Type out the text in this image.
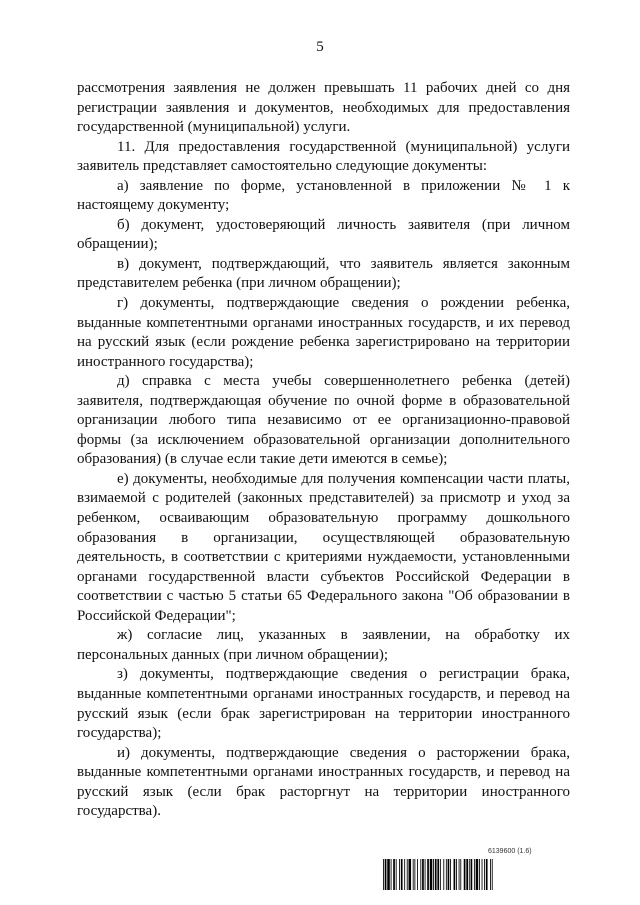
5

рассмотрения заявления не должен превышать 11 рабочих дней со дня регистрации заявления и документов, необходимых для предоставления государственной (муниципальной) услуги.

11. Для предоставления государственной (муниципальной) услуги заявитель представляет самостоятельно следующие документы:

а) заявление по форме, установленной в приложении № 1 к настоящему документу;

б) документ, удостоверяющий личность заявителя (при личном обращении);

в) документ, подтверждающий, что заявитель является законным представителем ребенка (при личном обращении);

г) документы, подтверждающие сведения о рождении ребенка, выданные компетентными органами иностранных государств, и их перевод на русский язык (если рождение ребенка зарегистрировано на территории иностранного государства);

д) справка с места учебы совершеннолетнего ребенка (детей) заявителя, подтверждающая обучение по очной форме в образовательной организации любого типа независимо от ее организационно-правовой формы (за исключением образовательной организации дополнительного образования) (в случае если такие дети имеются в семье);

е) документы, необходимые для получения компенсации части платы, взимаемой с родителей (законных представителей) за присмотр и уход за ребенком, осваивающим образовательную программу дошкольного образования в организации, осуществляющей образовательную деятельность, в соответствии с критериями нуждаемости, установленными органами государственной власти субъектов Российской Федерации в соответствии с частью 5 статьи 65 Федерального закона "Об образовании в Российской Федерации";

ж) согласие лиц, указанных в заявлении, на обработку их персональных данных (при личном обращении);

з) документы, подтверждающие сведения о регистрации брака, выданные компетентными органами иностранных государств, и перевод на русский язык (если брак зарегистрирован на территории иностранного государства);

и) документы, подтверждающие сведения о расторжении брака, выданные компетентными органами иностранных государств, и перевод на русский язык (если брак расторгнут на территории иностранного государства).

6139600 (1.6)
